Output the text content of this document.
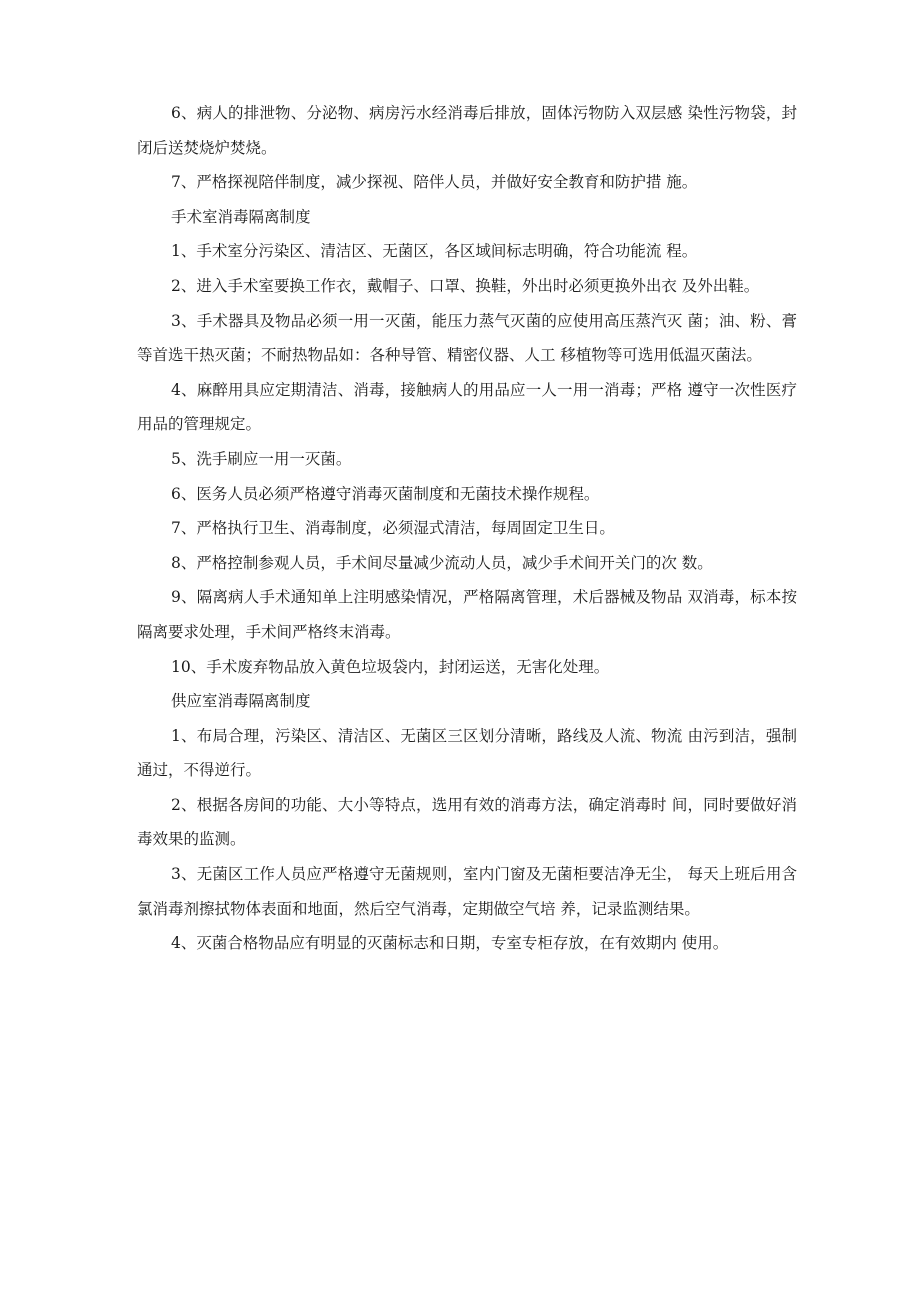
6、病人的排泄物、分泌物、病房污水经消毒后排放，固体污物防入双层感 染性污物袋，封闭后送焚烧炉焚烧。

7、严格探视陪伴制度，减少探视、陪伴人员，并做好安全教育和防护措 施。

手术室消毒隔离制度

1、手术室分污染区、清洁区、无菌区，各区域间标志明确，符合功能流 程。

2、进入手术室要换工作衣，戴帽子、口罩、换鞋，外出时必须更换外出衣 及外出鞋。

3、手术器具及物品必须一用一灭菌，能压力蒸气灭菌的应使用高压蒸汽灭 菌；油、粉、膏等首选干热灭菌；不耐热物品如：各种导管、精密仪器、人工 移植物等可选用低温灭菌法。

4、麻醉用具应定期清洁、消毒，接触病人的用品应一人一用一消毒；严格 遵守一次性医疗用品的管理规定。

5、洗手刷应一用一灭菌。

6、医务人员必须严格遵守消毒灭菌制度和无菌技术操作规程。

7、严格执行卫生、消毒制度，必须湿式清洁，每周固定卫生日。

8、严格控制参观人员，手术间尽量减少流动人员，减少手术间开关门的次 数。

9、隔离病人手术通知单上注明感染情况，严格隔离管理，术后器械及物品 双消毒，标本按隔离要求处理，手术间严格终末消毒。

10、手术废弃物品放入黄色垃圾袋内，封闭运送，无害化处理。

供应室消毒隔离制度

1、布局合理，污染区、清洁区、无菌区三区划分清晰，路线及人流、物流 由污到洁，强制通过，不得逆行。

2、根据各房间的功能、大小等特点，选用有效的消毒方法，确定消毒时 间，同时要做好消毒效果的监测。

3、无菌区工作人员应严格遵守无菌规则，室内门窗及无菌柜要洁净无尘， 每天上班后用含氯消毒剂擦拭物体表面和地面，然后空气消毒，定期做空气培 养，记录监测结果。

4、灭菌合格物品应有明显的灭菌标志和日期，专室专柜存放，在有效期内 使用。
